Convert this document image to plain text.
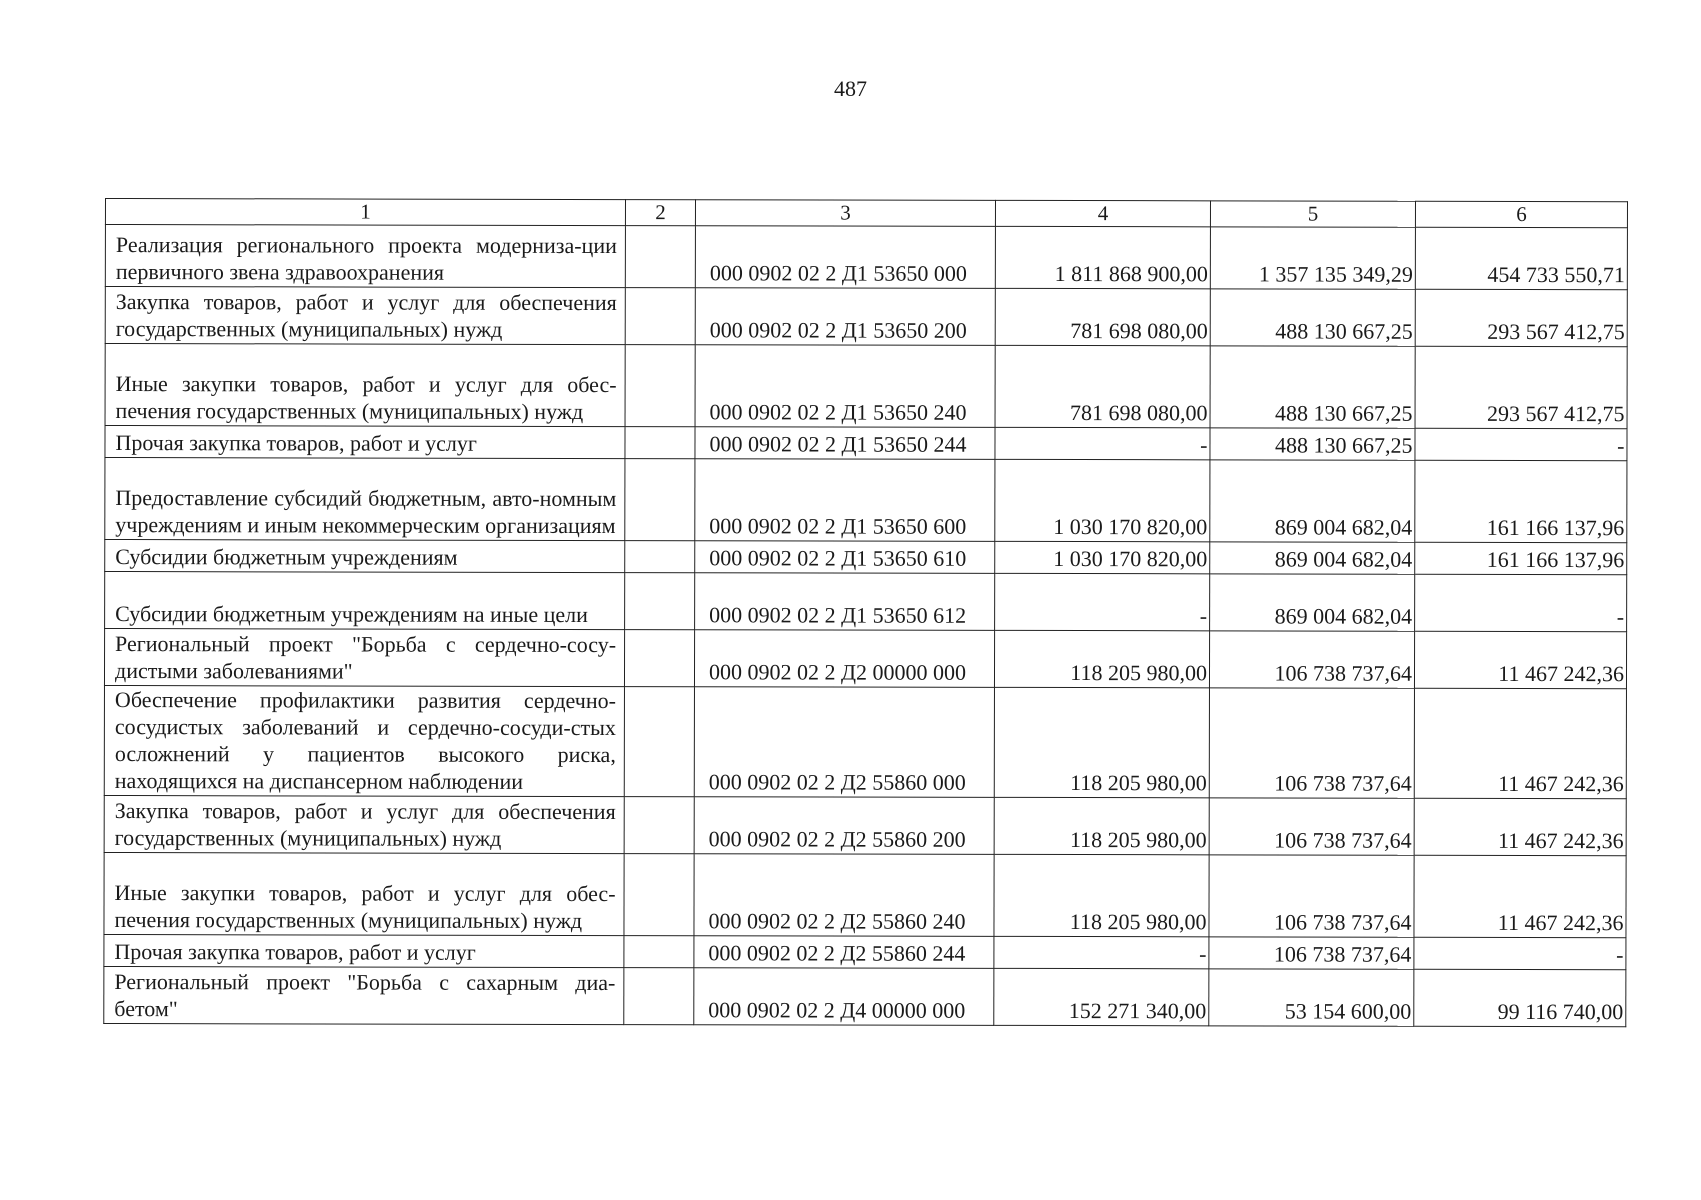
487
1	2	3	4	5	6
Реализация регионального проекта модерниза-ции первичного звена здравоохранения		000 0902 02 2 Д1 53650 000	1 811 868 900,00	1 357 135 349,29	454 733 550,71
Закупка товаров, работ и услуг для обеспечения государственных (муниципальных) нужд		000 0902 02 2 Д1 53650 200	781 698 080,00	488 130 667,25	293 567 412,75
Иные закупки товаров, работ и услуг для обес-печения государственных (муниципальных) нужд		000 0902 02 2 Д1 53650 240	781 698 080,00	488 130 667,25	293 567 412,75
Прочая закупка товаров, работ и услуг		000 0902 02 2 Д1 53650 244	-	488 130 667,25	-
Предоставление субсидий бюджетным, авто-номным учреждениям и иным некоммерческим организациям		000 0902 02 2 Д1 53650 600	1 030 170 820,00	869 004 682,04	161 166 137,96
Субсидии бюджетным учреждениям		000 0902 02 2 Д1 53650 610	1 030 170 820,00	869 004 682,04	161 166 137,96
Субсидии бюджетным учреждениям на иные цели		000 0902 02 2 Д1 53650 612	-	869 004 682,04	-
Региональный проект "Борьба с сердечно-сосу-дистыми заболеваниями"		000 0902 02 2 Д2 00000 000	118 205 980,00	106 738 737,64	11 467 242,36
Обеспечение профилактики развития сердечно-сосудистых заболеваний и сердечно-сосуди-стых осложнений у пациентов высокого риска, находящихся на диспансерном наблюдении		000 0902 02 2 Д2 55860 000	118 205 980,00	106 738 737,64	11 467 242,36
Закупка товаров, работ и услуг для обеспечения государственных (муниципальных) нужд		000 0902 02 2 Д2 55860 200	118 205 980,00	106 738 737,64	11 467 242,36
Иные закупки товаров, работ и услуг для обес-печения государственных (муниципальных) нужд		000 0902 02 2 Д2 55860 240	118 205 980,00	106 738 737,64	11 467 242,36
Прочая закупка товаров, работ и услуг		000 0902 02 2 Д2 55860 244	-	106 738 737,64	-
Региональный проект "Борьба с сахарным диа-бетом"		000 0902 02 2 Д4 00000 000	152 271 340,00	53 154 600,00	99 116 740,00
